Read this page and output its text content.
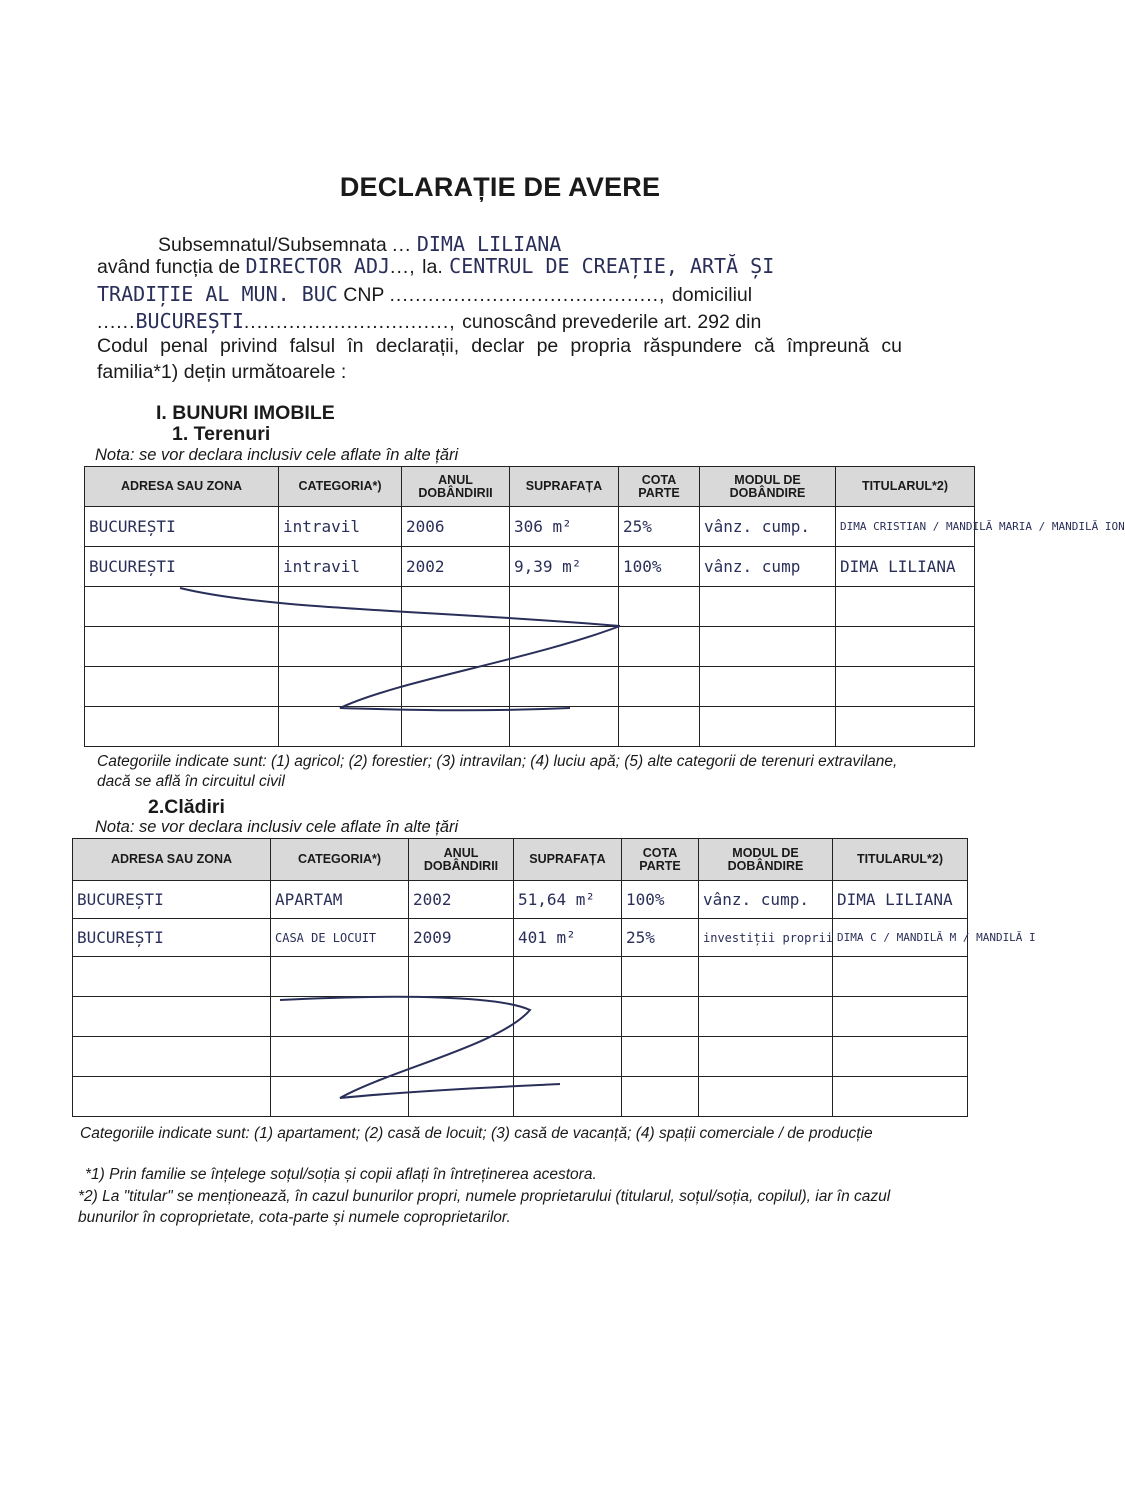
DECLARAȚIE DE AVERE
Subsemnatul/Subsemnata ... DIMA LILIANA
având funcția de DIRECTOR ADJ..., la. CENTRUL DE CREAȚIE, ARTĂ ȘI
TRADIȚIE AL MUN. BUC CNP .........................................., domiciliul
......BUCUREȘTI................................, cunoscând prevederile art. 292 din
Codul penal privind falsul în declarații, declar pe propria răspundere că împreună cu familia*1) dețin următoarele :
I. BUNURI IMOBILE
1. Terenuri
Nota: se vor declara inclusiv cele aflate în alte țări
ADRESA SAU ZONA	CATEGORIA*)	ANUL DOBÂNDIRII	SUPRAFAȚA	COTA PARTE	MODUL DE DOBÂNDIRE	TITULARUL*2)
BUCUREȘTI	intravil	2006	306 m²	25%	vânz. cump.	DIMA CRISTIAN / MANDILĂ MARIA / MANDILĂ ION
BUCUREȘTI	intravil	2002	9,39 m²	100%	vânz. cump	DIMA LILIANA

Categoriile indicate sunt: (1) agricol; (2) forestier; (3) intravilan; (4) luciu apă; (5) alte categorii de terenuri extravilane, dacă se află în circuitul civil
2.Clădiri
Nota: se vor declara inclusiv cele aflate în alte țări
ADRESA SAU ZONA	CATEGORIA*)	ANUL DOBÂNDIRII	SUPRAFAȚA	COTA PARTE	MODUL DE DOBÂNDIRE	TITULARUL*2)
BUCUREȘTI	APARTAM	2002	51,64 m²	100%	vânz. cump.	DIMA LILIANA
BUCUREȘTI	CASA DE LOCUIT	2009	401 m²	25%	investiții proprii	DIMA C / MANDILĂ M / MANDILĂ I

Categoriile indicate sunt: (1) apartament; (2) casă de locuit; (3) casă de vacanță; (4) spații comerciale / de producție
*1) Prin familie se înțelege soțul/soția și copii aflați în întreținerea acestora.
*2) La "titular" se menționează, în cazul bunurilor propri, numele proprietarului (titularul, soțul/soția, copilul), iar în cazul bunurilor în coproprietate, cota-parte și numele coproprietarilor.
